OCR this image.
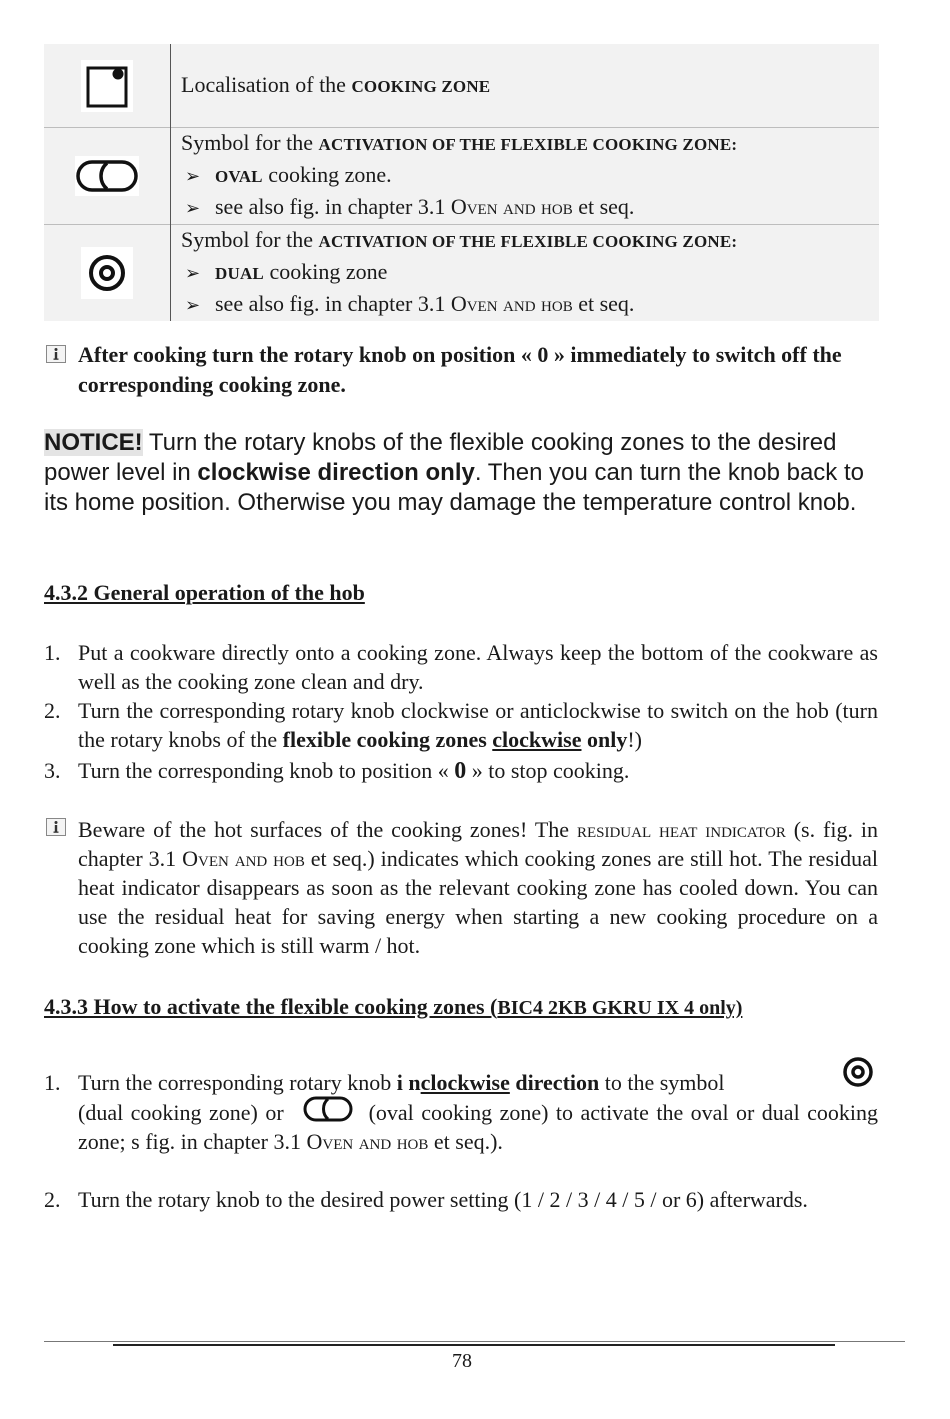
	Localisation of the COOKING ZONE

Symbol for the ACTIVATION OF THE FLEXIBLE COOKING ZONE:
➢ OVAL cooking zone.
➢ see also fig. in chapter 3.1 Oven and hob et seq.

Symbol for the ACTIVATION OF THE FLEXIBLE COOKING ZONE:
➢ DUAL cooking zone
➢ see also fig. in chapter 3.1 Oven and hob et seq.
After cooking turn the rotary knob on position « 0 » immediately to switch off the corresponding cooking zone.
NOTICE! Turn the rotary knobs of the flexible cooking zones to the desired power level in clockwise direction only. Then you can turn the knob back to its home position. Otherwise you may damage the temperature control knob.
4.3.2 General operation of the hob
1. Put a cookware directly onto a cooking zone. Always keep the bottom of the cookware as well as the cooking zone clean and dry.
2. Turn the corresponding rotary knob clockwise or anticlockwise to switch on the hob (turn the rotary knobs of the flexible cooking zones clockwise only!)
3. Turn the corresponding knob to position « 0 » to stop cooking.
Beware of the hot surfaces of the cooking zones! The residual heat indicator (s. fig. in chapter 3.1 Oven and hob et seq.) indicates which cooking zones are still hot. The residual heat indicator disappears as soon as the relevant cooking zone has cooled down. You can use the residual heat for saving energy when starting a new cooking procedure on a cooking zone which is still warm / hot.
4.3.3 How to activate the flexible cooking zones (BIC4 2KB GKRU IX 4 only)
1. Turn the corresponding rotary knob i nclockwise direction to the symbol
(dual cooking zone) or	(oval cooking zone) to activate the oval or dual cooking zone; s fig. in chapter 3.1 Oven and hob et seq.).
2. Turn the rotary knob to the desired power setting (1 / 2 / 3 / 4 / 5 / or 6) afterwards.
78
